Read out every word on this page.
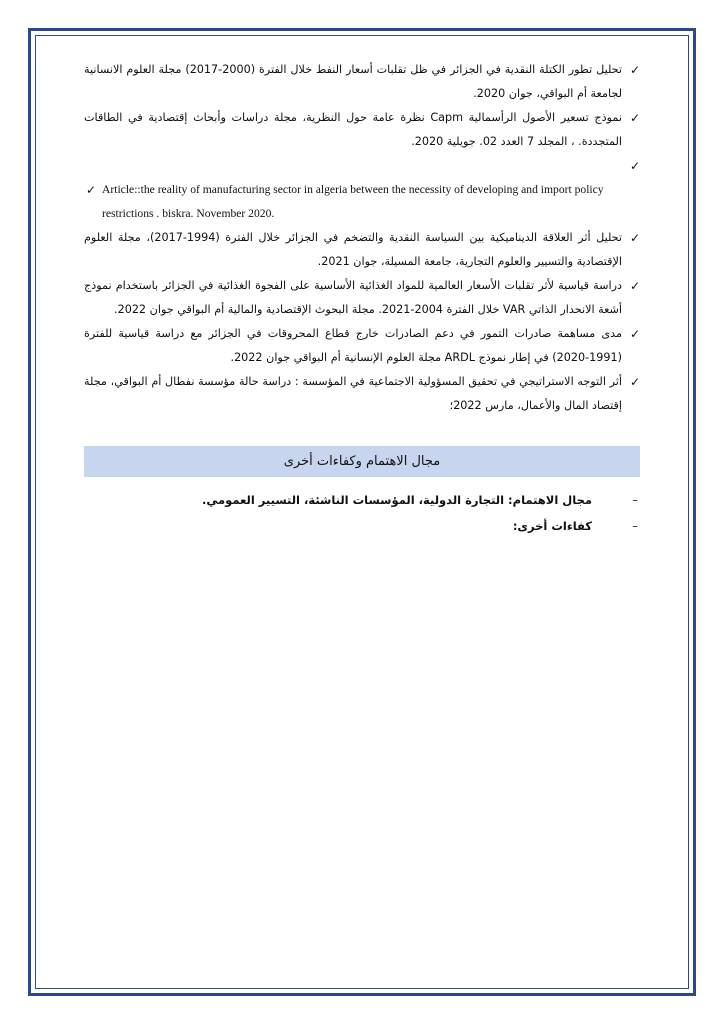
✓
تحليل تطور الكتلة النقدية في الجزائر في ظل تقلبات أسعار النفط خلال الفترة (2000-2017) مجلة العلوم الانسانية لجامعة أم البواقي، جوان 2020.
✓
نموذج تسعير الأصول الرأسمالية Capm نظرة عامة حول النظرية، مجلة دراسات وأبحاث إقتصادية في الطاقات المتجددة. ، المجلد 7 العدد 02. جويلية 2020.
✓
✓ Article::the reality of manufacturing sector in algeria between the necessity of developing and import policy restrictions . biskra. November 2020.
✓
تحليل أثر العلاقة الديناميكية بين السياسة النقدية والتضخم في الجزائر خلال الفترة (1994-2017)، مجلة العلوم الإقتصادية والتسيير والعلوم التجارية، جامعة المسيلة، جوان 2021.
✓
دراسة قياسية لأثر تقلبات الأسعار العالمية للمواد الغذائية الأساسية على الفجوة الغذائية في الجزائر باستخدام نموذج أشعة الانحدار الذاتي VAR خلال الفترة 2004-2021. مجلة البحوث الإقتصادية والمالية أم البواقي جوان 2022.
✓
مدى مساهمة صادرات التمور في دعم الصادرات خارج قطاع المحروقات في الجزائر مع دراسة قياسية للفترة (1991-2020) في إطار نموذج ARDL مجلة العلوم الإنسانية أم البواقي جوان 2022.
✓
أثر التوجه الاستراتيجي في تحقيق المسؤولية الاجتماعية في المؤسسة : دراسة حالة مؤسسة نفطال أم البواقي، مجلة إقتصاد المال والأعمال، مارس 2022؛
مجال الاهتمام وكفاءات أخرى
–
مجال الاهتمام: التجارة الدولية، المؤسسات الناشئة، التسيير العمومي.
–
كفاءات أخرى:
